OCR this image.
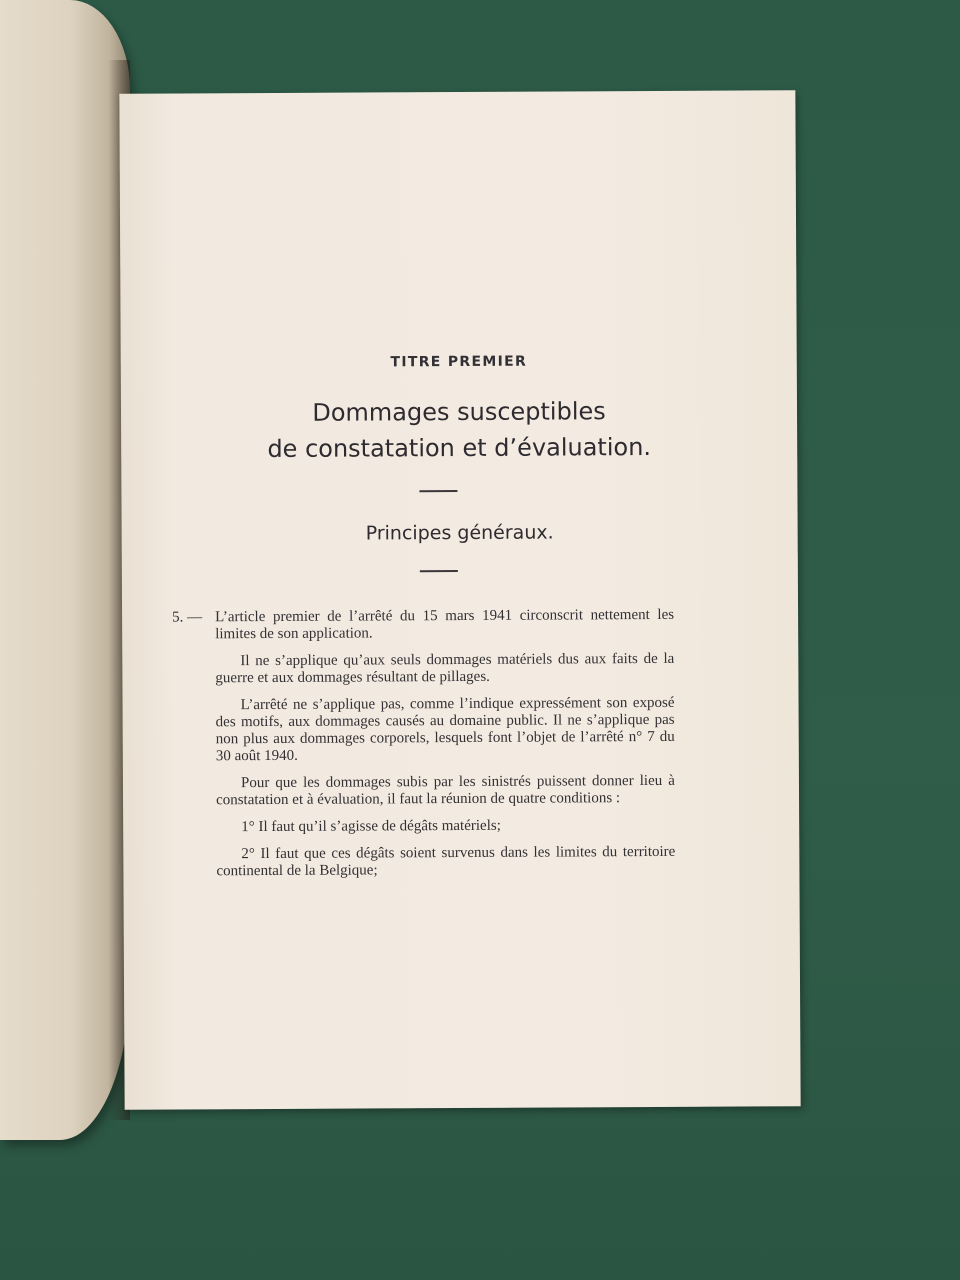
TITRE PREMIER
Dommages susceptibles
de constatation et d’évaluation.
Principes généraux.

5. — L’article premier de l’arrêté du 15 mars 1941 circonscrit nettement les limites de son application.

Il ne s’applique qu’aux seuls dommages matériels dus aux faits de la guerre et aux dommages résultant de pillages.

L’arrêté ne s’applique pas, comme l’indique expressément son exposé des motifs, aux dommages causés au domaine public. Il ne s’applique pas non plus aux dommages corporels, lesquels font l’objet de l’arrêté n° 7 du 30 août 1940.

Pour que les dommages subis par les sinistrés puissent donner lieu à constatation et à évaluation, il faut la réunion de quatre conditions :

1° Il faut qu’il s’agisse de dégâts matériels;

2° Il faut que ces dégâts soient survenus dans les limites du territoire continental de la Belgique;
